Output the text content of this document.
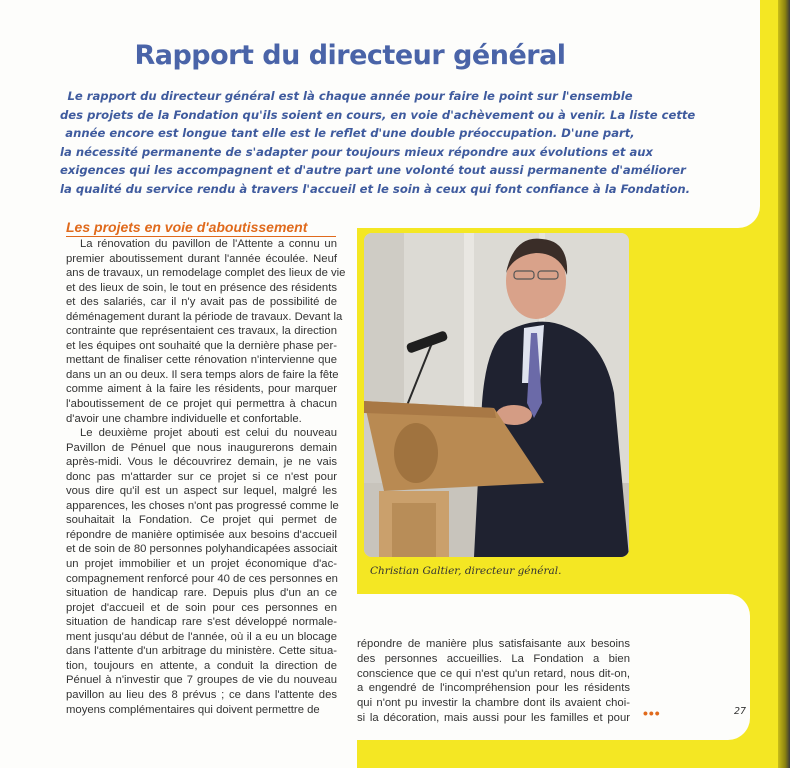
Rapport du directeur général
Le rapport du directeur général est là chaque année pour faire le point sur l'ensemble
des projets de la Fondation qu'ils soient en cours, en voie d'achèvement ou à venir. La liste cette
année encore est longue tant elle est le reflet d'une double préoccupation. D'une part,
la nécessité permanente de s'adapter pour toujours mieux répondre aux évolutions et aux
exigences qui les accompagnent et d'autre part une volonté tout aussi permanente d'améliorer
la qualité du service rendu à travers l'accueil et le soin à ceux qui font confiance à la Fondation.
Les projets en voie d'aboutissement
La rénovation du pavillon de l'Attente a connu un
premier aboutissement durant l'année écoulée. Neuf
ans de travaux, un remodelage complet des lieux de vie
et des lieux de soin, le tout en présence des résidents
et des salariés, car il n'y avait pas de possibilité de
déménagement durant la période de travaux. Devant la
contrainte que représentaient ces travaux, la direction
et les équipes ont souhaité que la dernière phase per-
mettant de finaliser cette rénovation n'intervienne que
dans un an ou deux. Il sera temps alors de faire la fête
comme aiment à la faire les résidents, pour marquer
l'aboutissement de ce projet qui permettra à chacun
d'avoir une chambre individuelle et confortable.
Le deuxième projet abouti est celui du nouveau
Pavillon de Pénuel que nous inaugurerons demain
après-midi. Vous le découvrirez demain, je ne vais
donc pas m'attarder sur ce projet si ce n'est pour
vous dire qu'il est un aspect sur lequel, malgré les
apparences, les choses n'ont pas progressé comme le
souhaitait la Fondation. Ce projet qui permet de
répondre de manière optimisée aux besoins d'accueil
et de soin de 80 personnes polyhandicapées associait
un projet immobilier et un projet économique d'ac-
compagnement renforcé pour 40 de ces personnes en
situation de handicap rare. Depuis plus d'un an ce
projet d'accueil et de soin pour ces personnes en
situation de handicap rare s'est développé normale-
ment jusqu'au début de l'année, où il a eu un blocage
dans l'attente d'un arbitrage du ministère. Cette situa-
tion, toujours en attente, a conduit la direction de
Pénuel à n'investir que 7 groupes de vie du nouveau
pavillon au lieu des 8 prévus ; ce dans l'attente des
moyens complémentaires qui doivent permettre de
Christian Galtier, directeur général.
répondre de manière plus satisfaisante aux besoins
des personnes accueillies. La Fondation a bien
conscience que ce qui n'est qu'un retard, nous dit-on,
a engendré de l'incompréhension pour les résidents
qui n'ont pu investir la chambre dont ils avaient choi-
si la décoration, mais aussi pour les familles et pour •••	27
